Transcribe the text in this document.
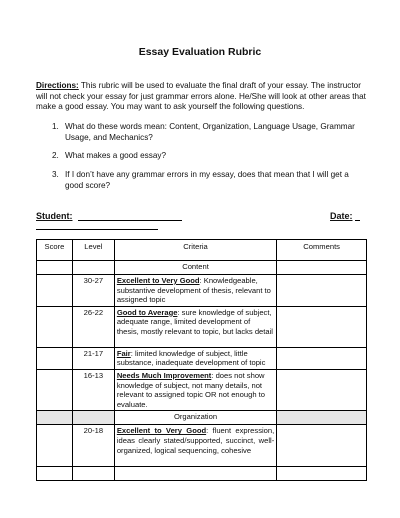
Essay Evaluation Rubric
Directions: This rubric will be used to evaluate the final draft of your essay. The instructor will not check your essay for just grammar errors alone. He/She will look at other areas that make a good essay. You may want to ask yourself the following questions.
1. What do these words mean: Content, Organization, Language Usage, Grammar Usage, and Mechanics?
2. What makes a good essay?
3. If I don’t have any grammar errors in my essay, does that mean that I will get a good score?
Student:	Date:
Score	Level	Criteria	Comments
		Content	
	30-27	Excellent to Very Good: Knowledgeable, substantive development of thesis, relevant to assigned topic	
	26-22	Good to Average: sure knowledge of subject, adequate range, limited development of thesis, mostly relevant to topic, but lacks detail	
	21-17	Fair: limited knowledge of subject, little substance, inadequate development of topic	
	16-13	Needs Much Improvement: does not show knowledge of subject, not many details, not relevant to assigned topic OR not enough to evaluate.	
		Organization	
	20-18	Excellent to Very Good: fluent expression, ideas clearly stated/supported, succinct, well-organized, logical sequencing, cohesive	
